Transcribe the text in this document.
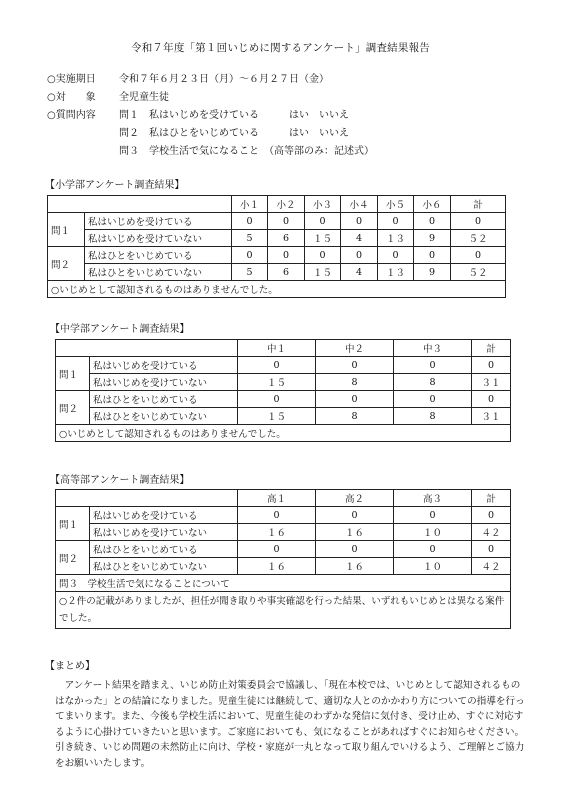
令和７年度「第１回いじめに関するアンケート」調査結果報告
○実施期日 令和７年６月２３日（月）～６月２７日（金）
○対　　象 全児童生徒
○質問内容 問１　私はいじめを受けている　　　はい　いいえ
問２　私はひとをいじめている　　　はい　いいえ
問３　学校生活で気になること　（高等部のみ：記述式）
【小学部アンケート調査結果】
		小１	小２	小３	小４	小５	小６	計
問１	私はいじめを受けている	0	0	0	0	0	0	0
	私はいじめを受けていない	5	6	１５	4	１３	9	５２
問２	私はひとをいじめている	0	0	0	0	0	0	0
	私はひとをいじめていない	5	6	１５	4	１３	9	５２
○いじめとして認知されるものはありませんでした。								
【中学部アンケート調査結果】
		中１	中２	中３	計
問１	私はいじめを受けている	0	0	0	0
	私はいじめを受けていない	１５	8	8	３１
問２	私はひとをいじめている	0	0	0	0
	私はひとをいじめていない	１５	8	8	３１
○いじめとして認知されるものはありませんでした。					
【高等部アンケート調査結果】
		高１	高２	高３	計
問１	私はいじめを受けている	0	0	0	0
	私はいじめを受けていない	１６	１６	１０	４２
問２	私はひとをいじめている	0	0	0	0
	私はひとをいじめていない	１６	１６	１０	４２
問３　学校生活で気になることについて					
○２件の記載がありましたが、担任が聞き取りや事実確認を行った結果、いずれもいじめとは異なる案件でした。					
【まとめ】
アンケート結果を踏まえ、いじめ防止対策委員会で協議し、「現在本校では、いじめとして認知されるものはなかった」との結論になりました。児童生徒には継続して、適切な人とのかかわり方についての指導を行ってまいります。また、今後も学校生活において、児童生徒のわずかな発信に気付き、受け止め、すぐに対応するように心掛けていきたいと思います。ご家庭においても、気になることがあればすぐにお知らせください。引き続き、いじめ問題の未然防止に向け、学校・家庭が一丸となって取り組んでいけるよう、ご理解とご協力をお願いいたします。
